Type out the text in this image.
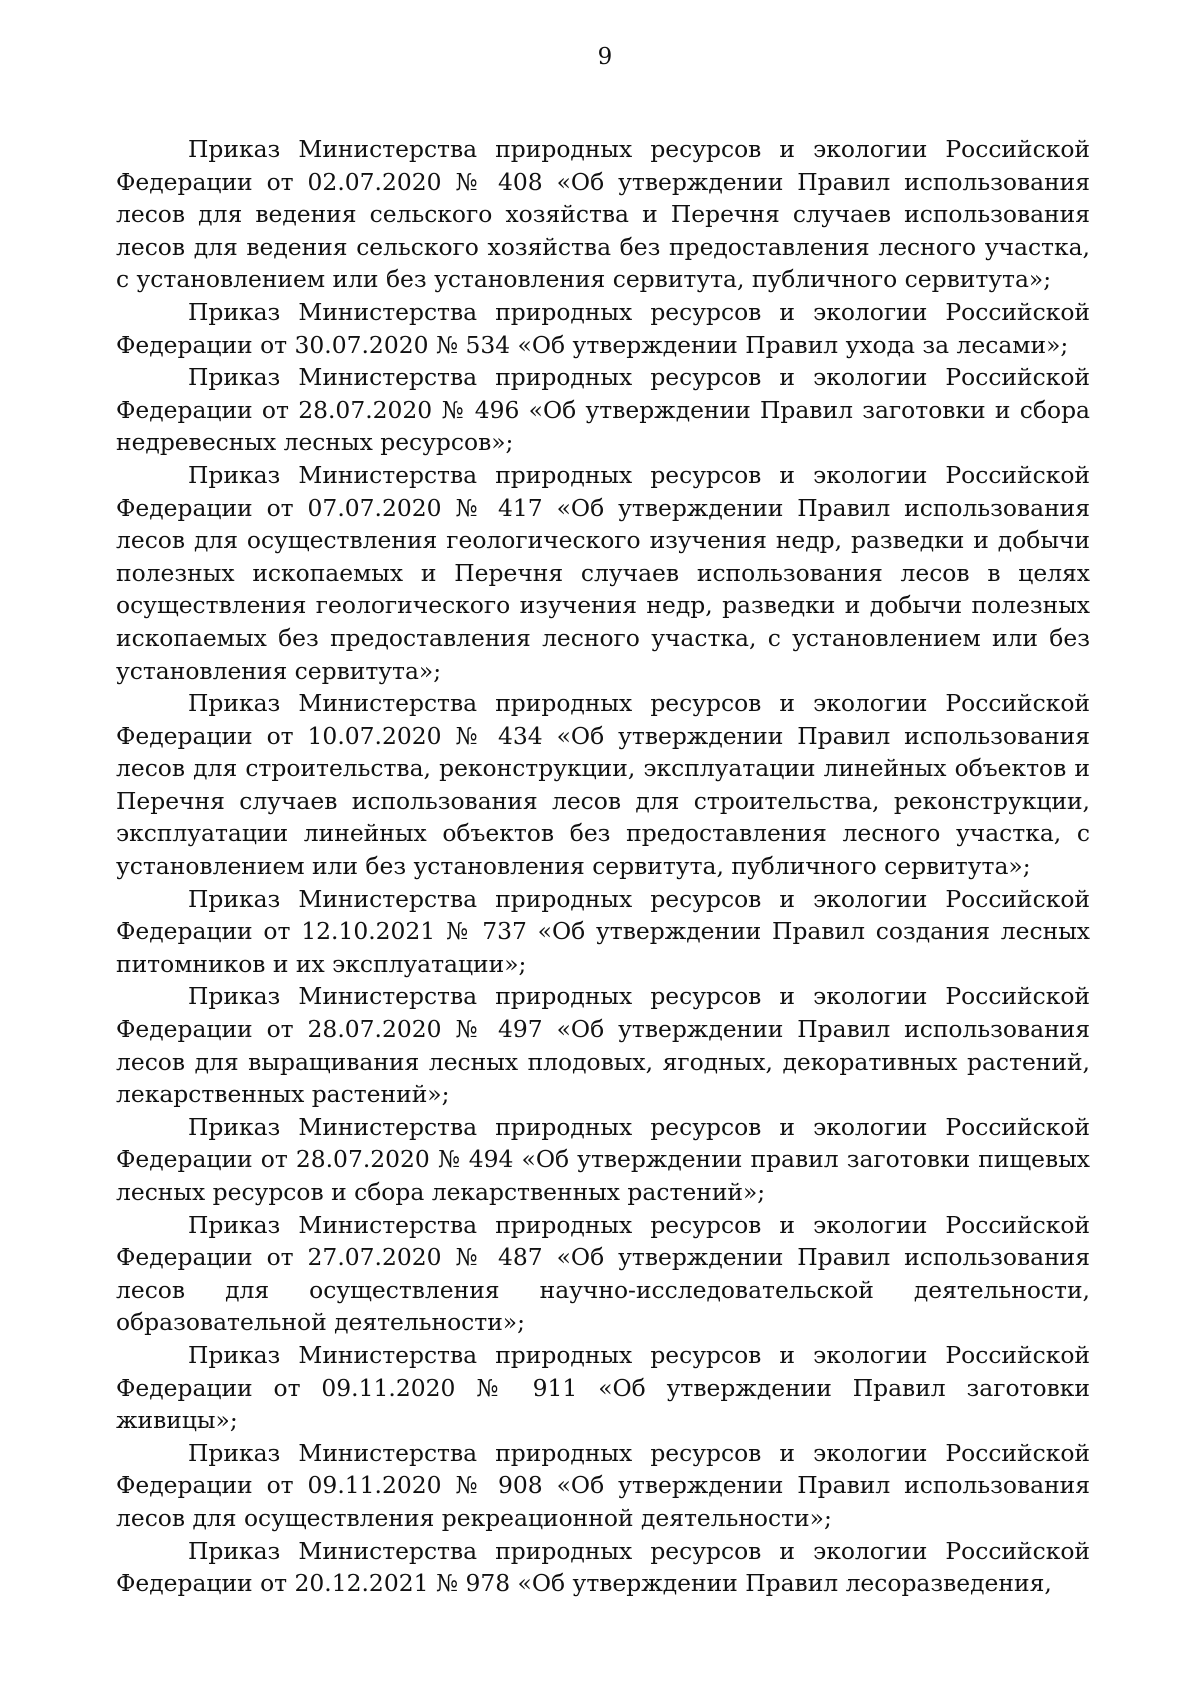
9

Приказ Министерства природных ресурсов и экологии Российской Федерации от 02.07.2020 № 408 «Об утверждении Правил использования лесов для ведения сельского хозяйства и Перечня случаев использования лесов для ведения сельского хозяйства без предоставления лесного участка, с установлением или без установления сервитута, публичного сервитута»;

Приказ Министерства природных ресурсов и экологии Российской Федерации от 30.07.2020 № 534 «Об утверждении Правил ухода за лесами»;

Приказ Министерства природных ресурсов и экологии Российской Федерации от 28.07.2020 № 496 «Об утверждении Правил заготовки и сбора недревесных лесных ресурсов»;

Приказ Министерства природных ресурсов и экологии Российской Федерации от 07.07.2020 № 417 «Об утверждении Правил использования лесов для осуществления геологического изучения недр, разведки и добычи полезных ископаемых и Перечня случаев использования лесов в целях осуществления геологического изучения недр, разведки и добычи полезных ископаемых без предоставления лесного участка, с установлением или без установления сервитута»;

Приказ Министерства природных ресурсов и экологии Российской Федерации от 10.07.2020 № 434 «Об утверждении Правил использования лесов для строительства, реконструкции, эксплуатации линейных объектов и Перечня случаев использования лесов для строительства, реконструкции, эксплуатации линейных объектов без предоставления лесного участка, с установлением или без установления сервитута, публичного сервитута»;

Приказ Министерства природных ресурсов и экологии Российской Федерации от 12.10.2021 № 737 «Об утверждении Правил создания лесных питомников и их эксплуатации»;

Приказ Министерства природных ресурсов и экологии Российской Федерации от 28.07.2020 № 497 «Об утверждении Правил использования лесов для выращивания лесных плодовых, ягодных, декоративных растений, лекарственных растений»;

Приказ Министерства природных ресурсов и экологии Российской Федерации от 28.07.2020 № 494 «Об утверждении правил заготовки пищевых лесных ресурсов и сбора лекарственных растений»;

Приказ Министерства природных ресурсов и экологии Российской Федерации от 27.07.2020 № 487 «Об утверждении Правил использования лесов для осуществления научно-исследовательской деятельности, образовательной деятельности»;

Приказ Министерства природных ресурсов и экологии Российской Федерации от 09.11.2020 № 911 «Об утверждении Правил заготовки живицы»;

Приказ Министерства природных ресурсов и экологии Российской Федерации от 09.11.2020 № 908 «Об утверждении Правил использования лесов для осуществления рекреационной деятельности»;

Приказ Министерства природных ресурсов и экологии Российской Федерации от 20.12.2021 № 978 «Об утверждении Правил лесоразведения,
